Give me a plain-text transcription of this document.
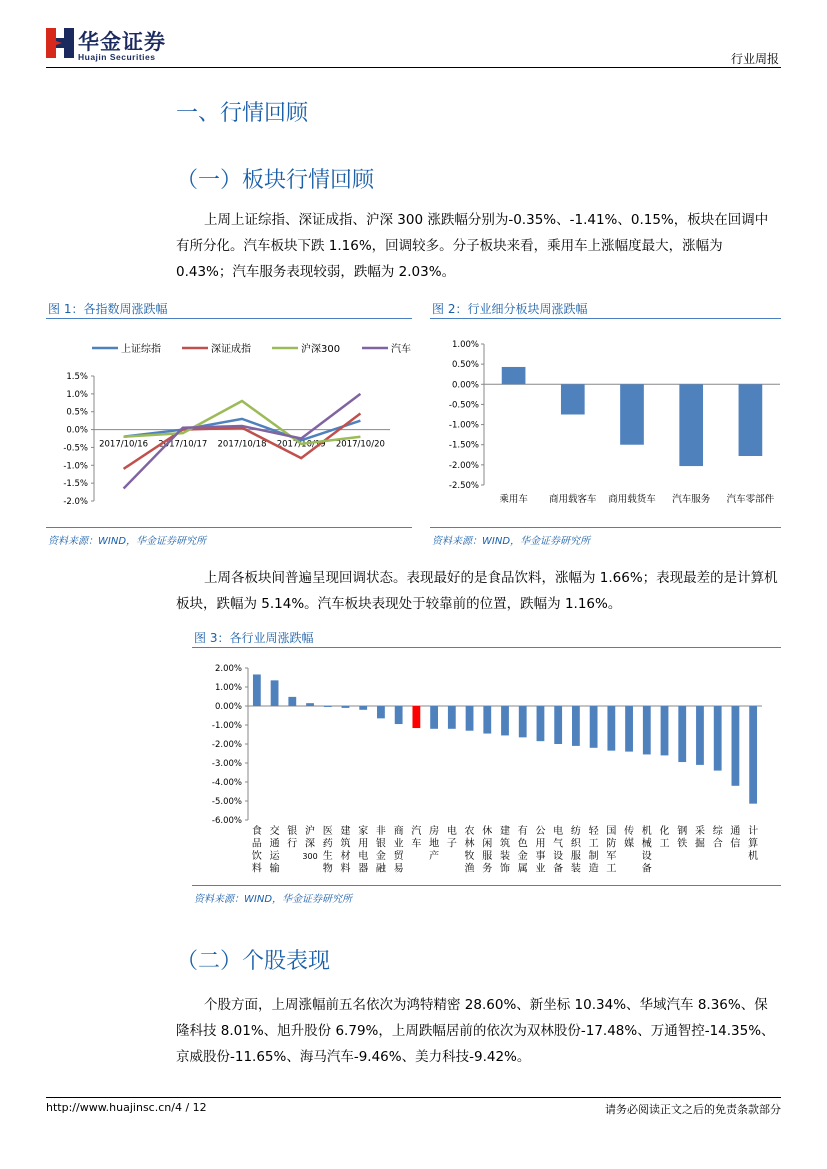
华金证券
Huajin Securities	行业周报
一、行情回顾
（一）板块行情回顾
上周上证综指、深证成指、沪深 300 涨跌幅分别为-0.35%、-1.41%、0.15%，板块在回调中有所分化。汽车板块下跌 1.16%，回调较多。分子板块来看，乘用车上涨幅度最大，涨幅为 0.43%；汽车服务表现较弱，跌幅为 2.03%。
图 1：各指数周涨跌幅
1.5%
1.0%
0.5%
0.0%
-0.5%
-1.0%
-1.5%
-2.0%
2017/10/16 2017/10/17 2017/10/18 2017/10/19 2017/10/20
上证综指	深证成指	沪深300	汽车
资料来源：WIND，华金证券研究所
图 2：行业细分板块周涨跌幅
1.00%
0.50%
0.00%
-0.50%
-1.00%
-1.50%
-2.00%
-2.50%
乘用车 商用载客车 商用载货车 汽车服务 汽车零部件
资料来源：WIND，华金证券研究所
上周各板块间普遍呈现回调状态。表现最好的是食品饮料，涨幅为 1.66%；表现最差的是计算机板块，跌幅为 5.14%。汽车板块表现处于较靠前的位置，跌幅为 1.16%。
图 3：各行业周涨跌幅
2.00%
1.00%
0.00%
-1.00%
-2.00%
-3.00%
-4.00%
-5.00%
-6.00%
食品饮料
交通运输
银行
沪深 300
医药生物
建筑材料
家用电器
非银金融
商业贸易
汽车
房地产
电子
农林牧渔
休闲服务
建筑装饰
有色金属
公用事业
电气设备
纺织服装
轻工制造
国防军工
传媒
机械设备
化工
钢铁
采掘
综合
通信
计算机
资料来源：WIND，华金证券研究所
（二）个股表现
个股方面，上周涨幅前五名依次为鸿特精密 28.60%、新坐标 10.34%、华域汽车 8.36%、保隆科技 8.01%、旭升股份 6.79%，上周跌幅居前的依次为双林股份-17.48%、万通智控-14.35%、京威股份-11.65%、海马汽车-9.46%、美力科技-9.42%。
http://www.huajinsc.cn/4 / 12	请务必阅读正文之后的免责条款部分
